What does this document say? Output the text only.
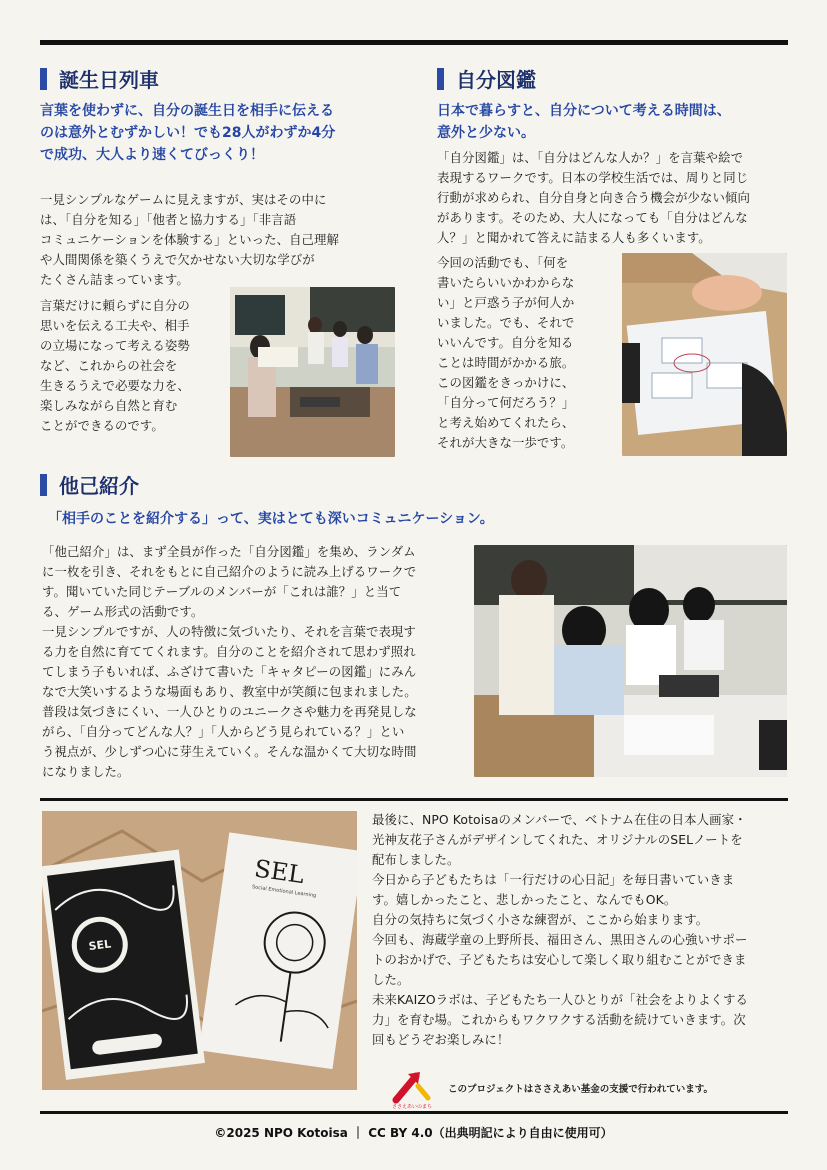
誕生日列車
言葉を使わずに、自分の誕生日を相手に伝える
のは意外とむずかしい！でも28人がわずか4分
で成功、大人より速くてびっくり！
一見シンプルなゲームに見えますが、実はその中に
は、「自分を知る」「他者と協力する」「非言語
コミュニケーションを体験する」といった、自己理解
や人間関係を築くうえで欠かせない大切な学びが
たくさん詰まっています。
言葉だけに頼らずに自分の
思いを伝える工夫や、相手
の立場になって考える姿勢
など、これからの社会を
生きるうえで必要な力を、
楽しみながら自然と育む
ことができるのです。
自分図鑑
日本で暮らすと、自分について考える時間は、
意外と少ない。
「自分図鑑」は、「自分はどんな人か？」を言葉や絵で
表現するワークです。日本の学校生活では、周りと同じ
行動が求められ、自分自身と向き合う機会が少ない傾向
があります。そのため、大人になっても「自分はどんな
人？」と聞かれて答えに詰まる人も多くいます。
今回の活動でも、「何を
書いたらいいかわからな
い」と戸惑う子が何人か
いました。でも、それで
いいんです。自分を知る
ことは時間がかかる旅。
この図鑑をきっかけに、
「自分って何だろう？」
と考え始めてくれたら、
それが大きな一歩です。
他己紹介
「相手のことを紹介する」って、実はとても深いコミュニケーション。
「他己紹介」は、まず全員が作った「自分図鑑」を集め、ランダム
に一枚を引き、それをもとに自己紹介のように読み上げるワークで
す。聞いていた同じテーブルのメンバーが「これは誰？」と当て
る、ゲーム形式の活動です。
一見シンプルですが、人の特徴に気づいたり、それを言葉で表現す
る力を自然に育ててくれます。自分のことを紹介されて思わず照れ
てしまう子もいれば、ふざけて書いた「キャタピーの図鑑」にみん
なで大笑いするような場面もあり、教室中が笑顔に包まれました。
普段は気づきにくい、一人ひとりのユニークさや魅力を再発見しな
がら、「自分ってどんな人？」「人からどう見られている？」とい
う視点が、少しずつ心に芽生えていく。そんな温かくて大切な時間
になりました。
SEL
SEL
Social Emotional Learning
最後に、NPO Kotoisaのメンバーで、ベトナム在住の日本人画家・
光神友花子さんがデザインしてくれた、オリジナルのSELノートを
配布しました。
今日から子どもたちは「一行だけの心日記」を毎日書いていきま
す。嬉しかったこと、悲しかったこと、なんでもOK。
自分の気持ちに気づく小さな練習が、ここから始まります。
今回も、海蔵学童の上野所長、福田さん、黒田さんの心強いサポー
トのおかげで、子どもたちは安心して楽しく取り組むことができま
した。
未来KAIZOラボは、子どもたち一人ひとりが「社会をよりよくする
力」を育む場。これからもワクワクする活動を続けていきます。次
回もどうぞお楽しみに！
ささえあいのまち
このプロジェクトはささえあい基金の支援で行われています。
©2025 NPO Kotoisa ｜ CC BY 4.0（出典明記により自由に使用可）
